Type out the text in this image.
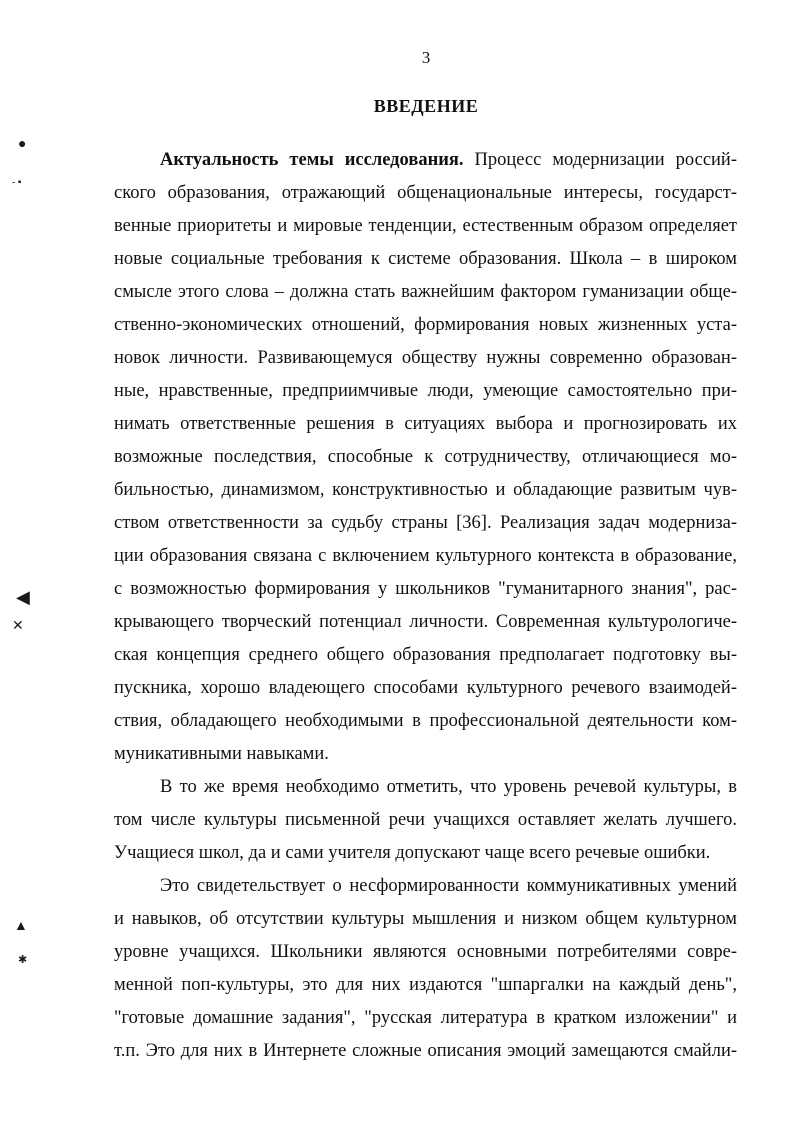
3
ВВЕДЕНИЕ
Актуальность темы исследования. Процесс модернизации россий-
ского образования, отражающий общенациональные интересы, государст-
венные приоритеты и мировые тенденции, естественным образом определяет
новые социальные требования к системе образования. Школа – в широком
смысле этого слова – должна стать важнейшим фактором гуманизации обще-
ственно-экономических отношений, формирования новых жизненных уста-
новок личности. Развивающемуся обществу нужны современно образован-
ные, нравственные, предприимчивые люди, умеющие самостоятельно при-
нимать ответственные решения в ситуациях выбора и прогнозировать их
возможные последствия, способные к сотрудничеству, отличающиеся мо-
бильностью, динамизмом, конструктивностью и обладающие развитым чув-
ством ответственности за судьбу страны [36]. Реализация задач модерниза-
ции образования связана с включением культурного контекста в образование,
с возможностью формирования у школьников "гуманитарного знания", рас-
крывающего творческий потенциал личности. Современная культурологиче-
ская концепция среднего общего образования предполагает подготовку вы-
пускника, хорошо владеющего способами культурного речевого взаимодей-
ствия, обладающего необходимыми в профессиональной деятельности ком-
муникативными навыками.
В то же время необходимо отметить, что уровень речевой культуры, в
том числе культуры письменной речи учащихся оставляет желать лучшего.
Учащиеся школ, да и сами учителя допускают чаще всего речевые ошибки.
Это свидетельствует о несформированности коммуникативных умений
и навыков, об отсутствии культуры мышления и низком общем культурном
уровне учащихся. Школьники являются основными потребителями совре-
менной поп-культуры, это для них издаются "шпаргалки на каждый день",
"готовые домашние задания", "русская литература в кратком изложении" и
т.п. Это для них в Интернете сложные описания эмоций замещаются смайли-
●
- ▪
◀
✕
▲
✱
